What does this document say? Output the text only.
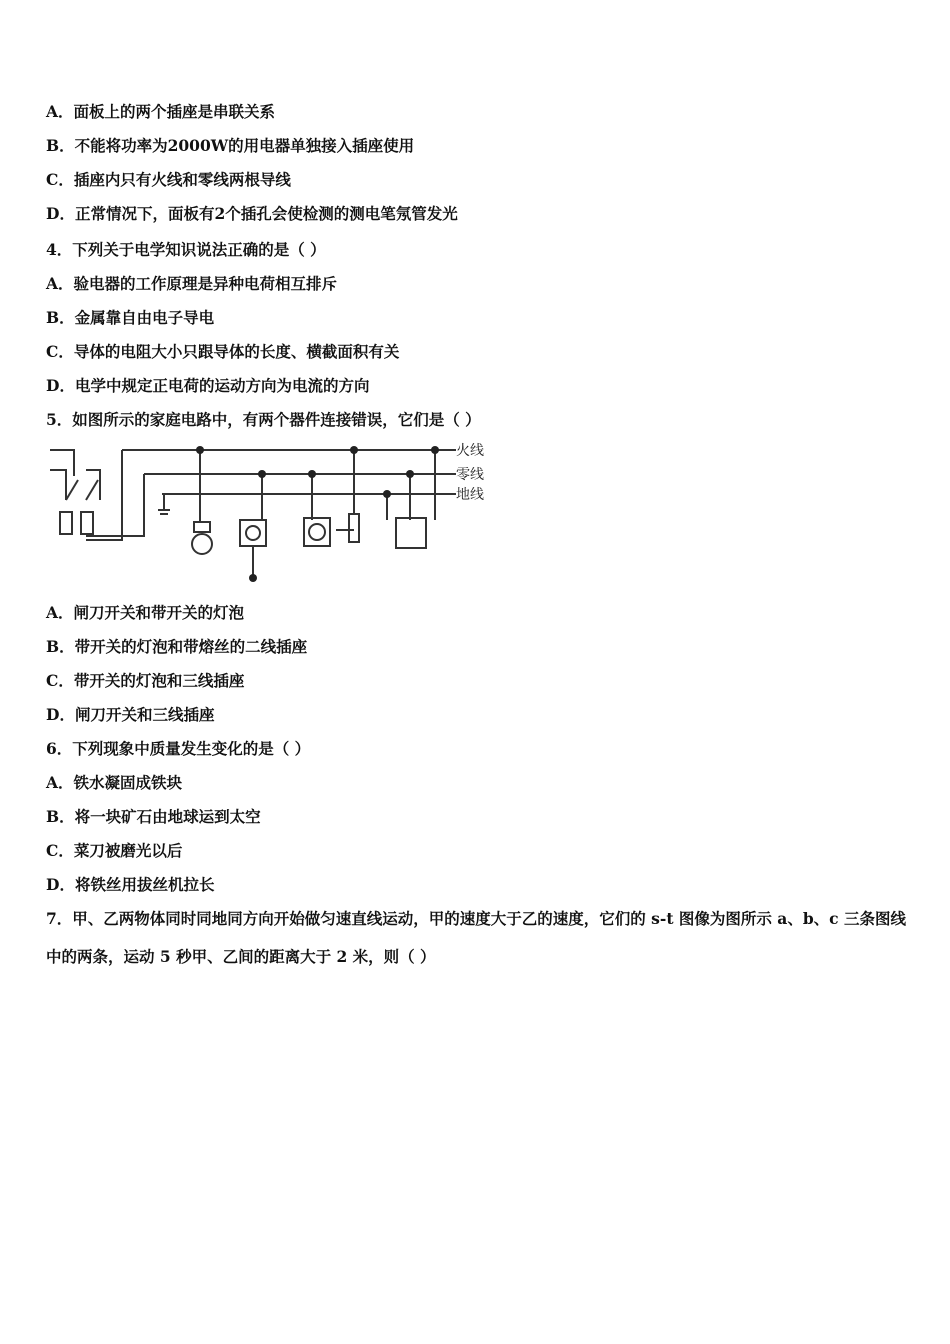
A．面板上的两个插座是串联关系
B．不能将功率为2000W的用电器单独接入插座使用
C．插座内只有火线和零线两根导线
D．正常情况下，面板有2个插孔会使检测的测电笔氖管发光
4．下列关于电学知识说法正确的是（ ）
A．验电器的工作原理是异种电荷相互排斥
B．金属靠自由电子导电
C．导体的电阻大小只跟导体的长度、横截面积有关
D．电学中规定正电荷的运动方向为电流的方向
5．如图所示的家庭电路中，有两个器件连接错误，它们是（ ）
火线
零线
地线
A．闸刀开关和带开关的灯泡
B．带开关的灯泡和带熔丝的二线插座
C．带开关的灯泡和三线插座
D．闸刀开关和三线插座
6．下列现象中质量发生变化的是（ ）
A．铁水凝固成铁块
B．将一块矿石由地球运到太空
C．菜刀被磨光以后
D．将铁丝用拔丝机拉长
7．甲、乙两物体同时同地同方向开始做匀速直线运动，甲的速度大于乙的速度，它们的 s-t 图像为图所示 a、b、c 三条图线中的两条，运动 5 秒甲、乙间的距离大于 2 米，则（ ）
